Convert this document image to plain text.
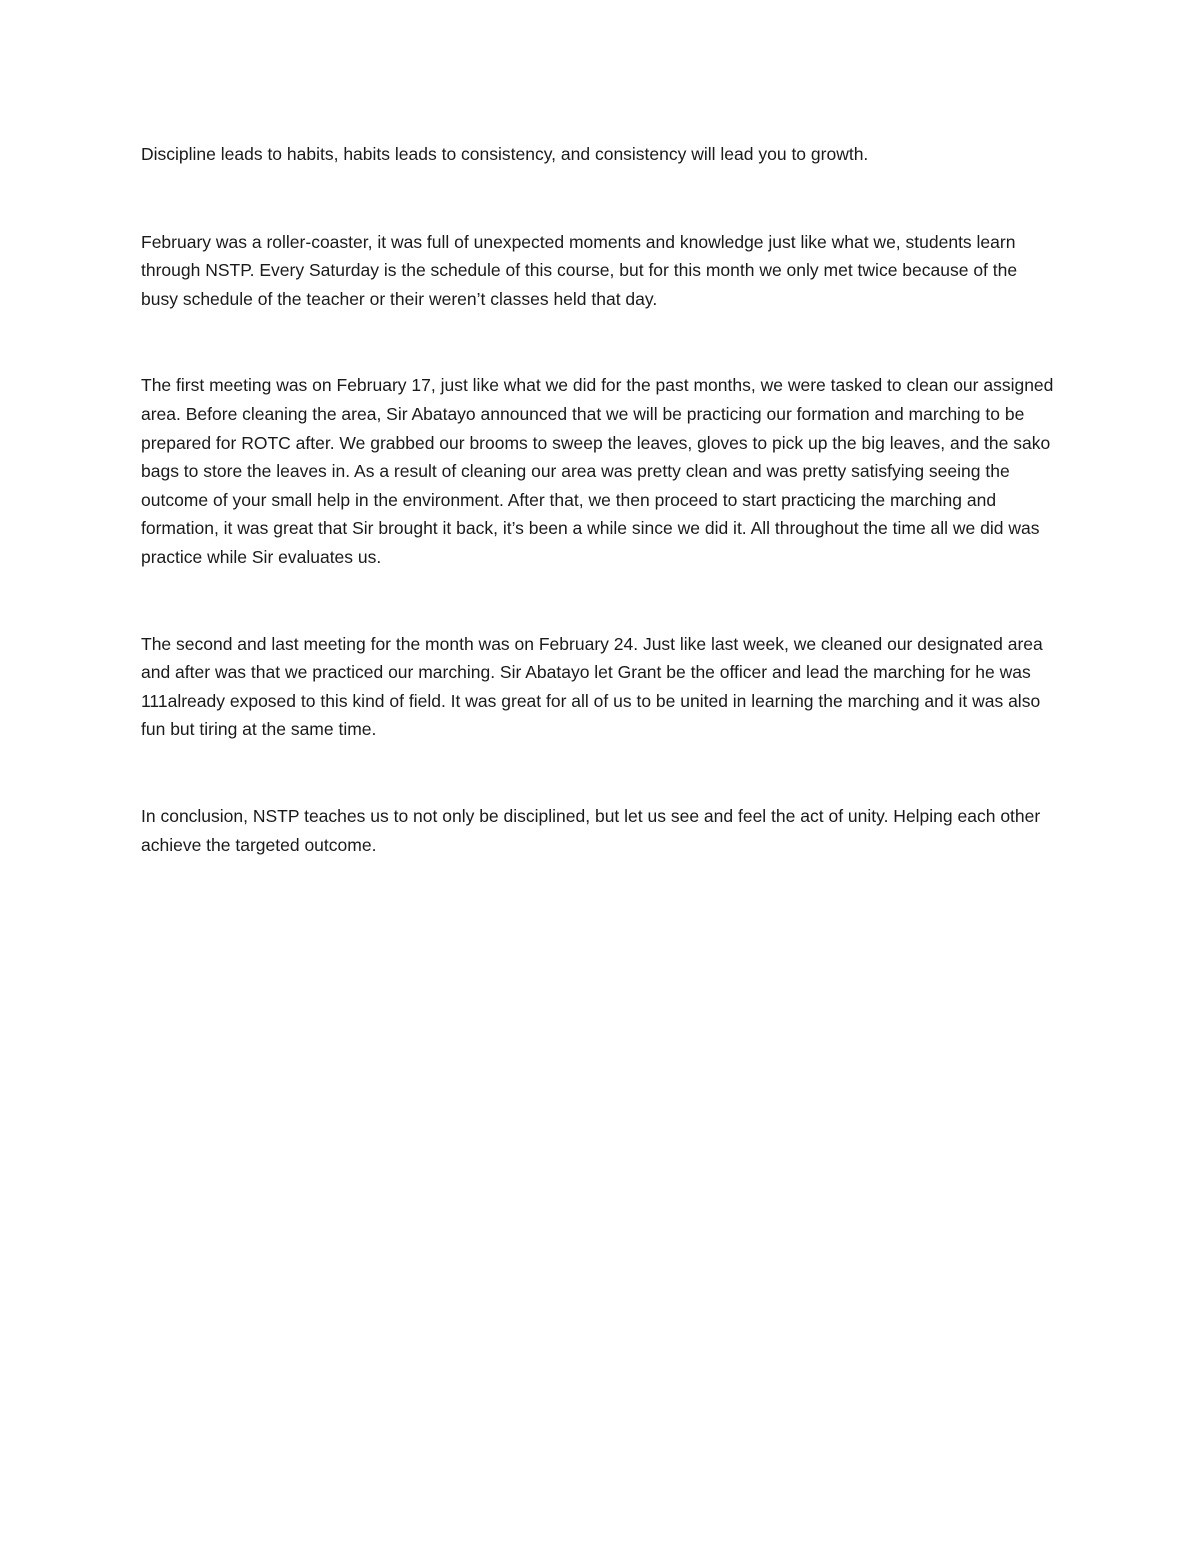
Discipline leads to habits, habits leads to consistency, and consistency will lead you to growth.

February was a roller-coaster, it was full of unexpected moments and knowledge just like what we, students learn through NSTP. Every Saturday is the schedule of this course, but for this month we only met twice because of the busy schedule of the teacher or their weren’t classes held that day.

The first meeting was on February 17, just like what we did for the past months, we were tasked to clean our assigned area. Before cleaning the area, Sir Abatayo announced that we will be practicing our formation and marching to be prepared for ROTC after. We grabbed our brooms to sweep the leaves, gloves to pick up the big leaves, and the sako bags to store the leaves in. As a result of cleaning our area was pretty clean and was pretty satisfying seeing the outcome of your small help in the environment. After that, we then proceed to start practicing the marching and formation, it was great that Sir brought it back, it’s been a while since we did it. All throughout the time all we did was practice while Sir evaluates us.

The second and last meeting for the month was on February 24. Just like last week, we cleaned our designated area and after was that we practiced our marching. Sir Abatayo let Grant be the officer and lead the marching for he was 111already exposed to this kind of field. It was great for all of us to be united in learning the marching and it was also fun but tiring at the same time.

In conclusion, NSTP teaches us to not only be disciplined, but let us see and feel the act of unity. Helping each other achieve the targeted outcome.
